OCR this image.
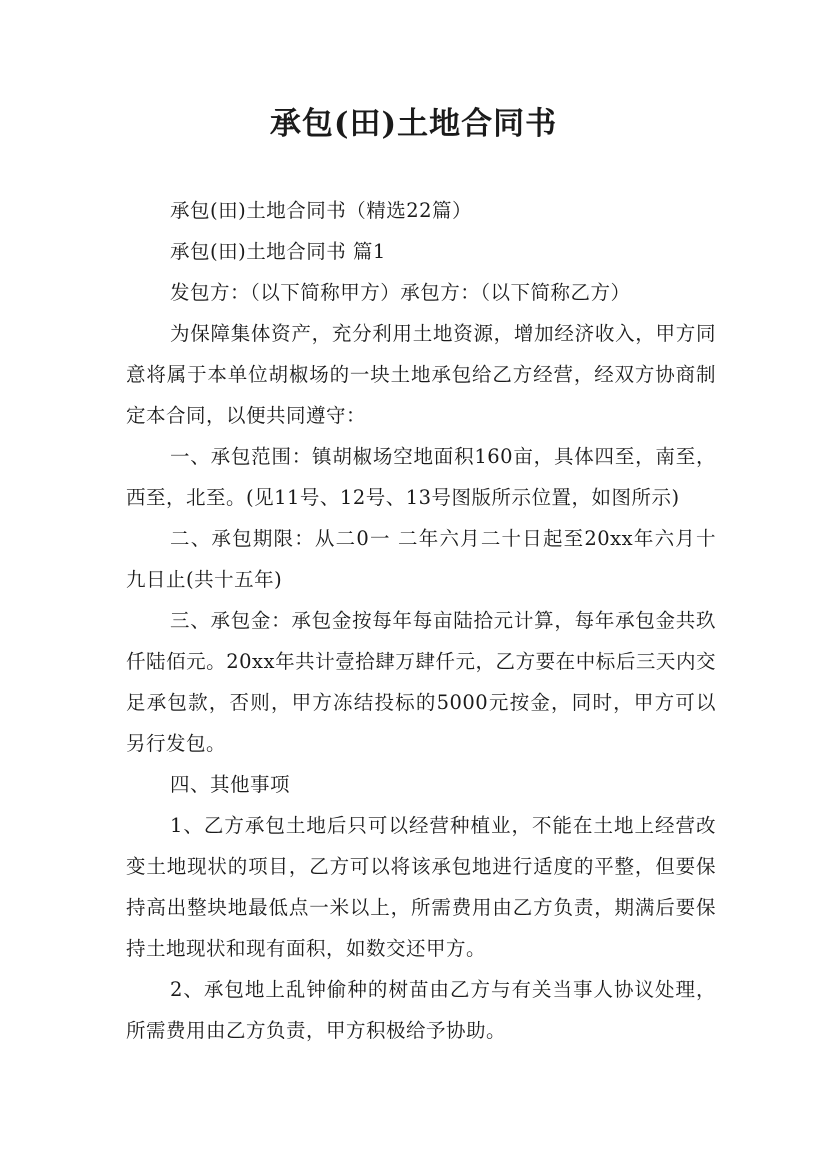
承包(田)土地合同书

承包(田)土地合同书（精选22篇）

承包(田)土地合同书 篇1

发包方：（以下简称甲方）承包方：（以下简称乙方）

为保障集体资产，充分利用土地资源，增加经济收入，甲方同意将属于本单位胡椒场的一块土地承包给乙方经营，经双方协商制定本合同，以便共同遵守：

一、承包范围：镇胡椒场空地面积160亩，具体四至，南至，西至，北至。(见11号、12号、13号图版所示位置，如图所示)

二、承包期限：从二0一 二年六月二十日起至20xx年六月十九日止(共十五年)

三、承包金：承包金按每年每亩陆拾元计算，每年承包金共玖仟陆佰元。20xx年共计壹拾肆万肆仟元，乙方要在中标后三天内交足承包款，否则，甲方冻结投标的5000元按金，同时，甲方可以另行发包。

四、其他事项

1、乙方承包土地后只可以经营种植业，不能在土地上经营改变土地现状的项目，乙方可以将该承包地进行适度的平整，但要保持高出整块地最低点一米以上，所需费用由乙方负责，期满后要保持土地现状和现有面积，如数交还甲方。

2、承包地上乱钟偷种的树苗由乙方与有关当事人协议处理，所需费用由乙方负责，甲方积极给予协助。
